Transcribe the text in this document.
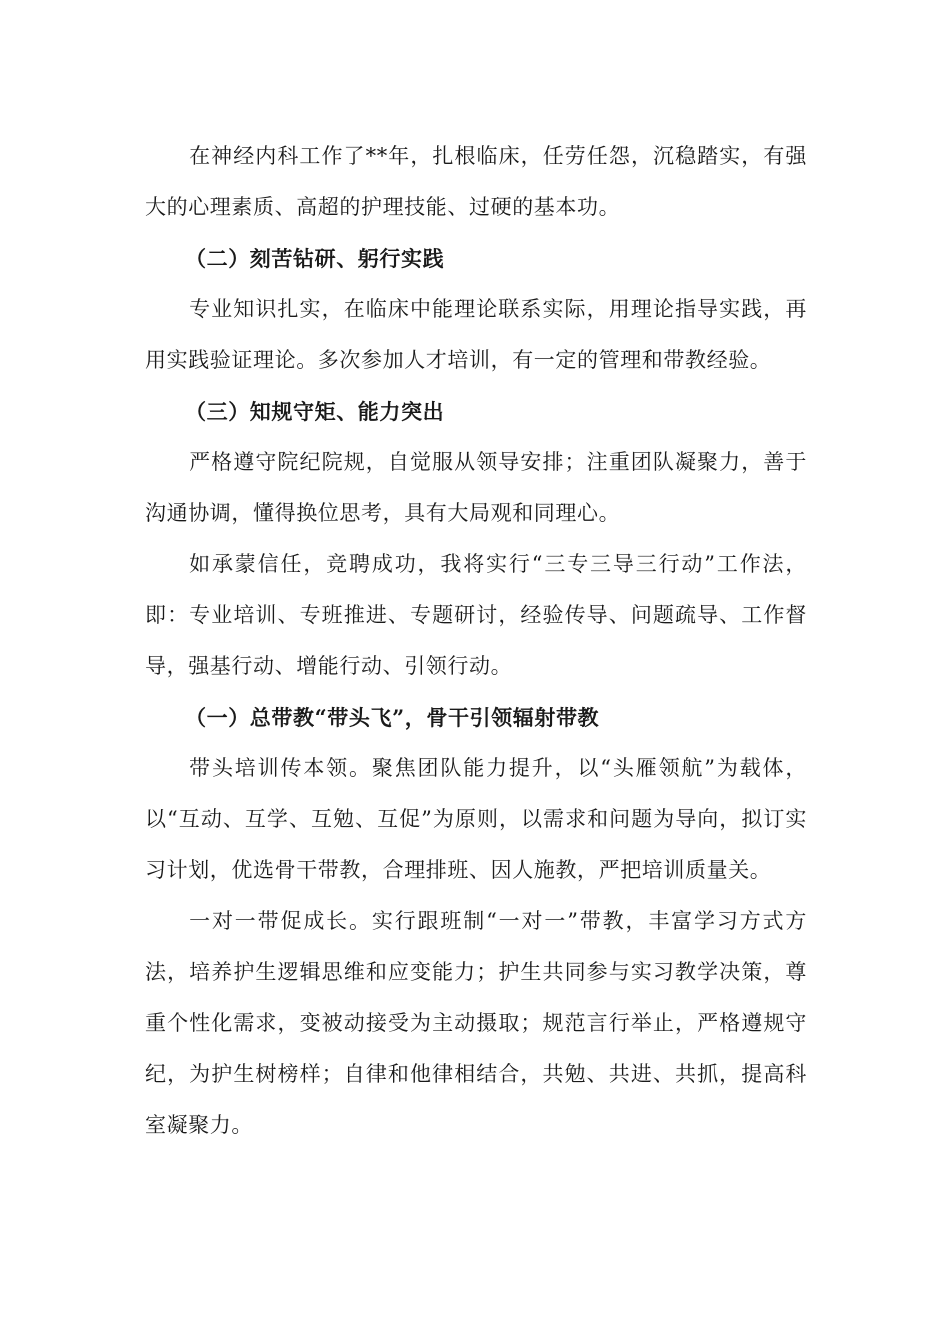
在神经内科工作了**年，扎根临床，任劳任怨，沉稳踏实，有强大的心理素质、高超的护理技能、过硬的基本功。

（二）刻苦钻研、躬行实践

专业知识扎实，在临床中能理论联系实际，用理论指导实践，再用实践验证理论。多次参加人才培训，有一定的管理和带教经验。

（三）知规守矩、能力突出

严格遵守院纪院规，自觉服从领导安排；注重团队凝聚力，善于沟通协调，懂得换位思考，具有大局观和同理心。

如承蒙信任，竞聘成功，我将实行“三专三导三行动”工作法，即：专业培训、专班推进、专题研讨，经验传导、问题疏导、工作督导，强基行动、增能行动、引领行动。

（一）总带教“带头飞”，骨干引领辐射带教

带头培训传本领。聚焦团队能力提升，以“头雁领航”为载体，以“互动、互学、互勉、互促”为原则，以需求和问题为导向，拟订实习计划，优选骨干带教，合理排班、因人施教，严把培训质量关。

一对一带促成长。实行跟班制“一对一”带教，丰富学习方式方法，培养护生逻辑思维和应变能力；护生共同参与实习教学决策，尊重个性化需求，变被动接受为主动摄取；规范言行举止，严格遵规守纪，为护生树榜样；自律和他律相结合，共勉、共进、共抓，提高科室凝聚力。
